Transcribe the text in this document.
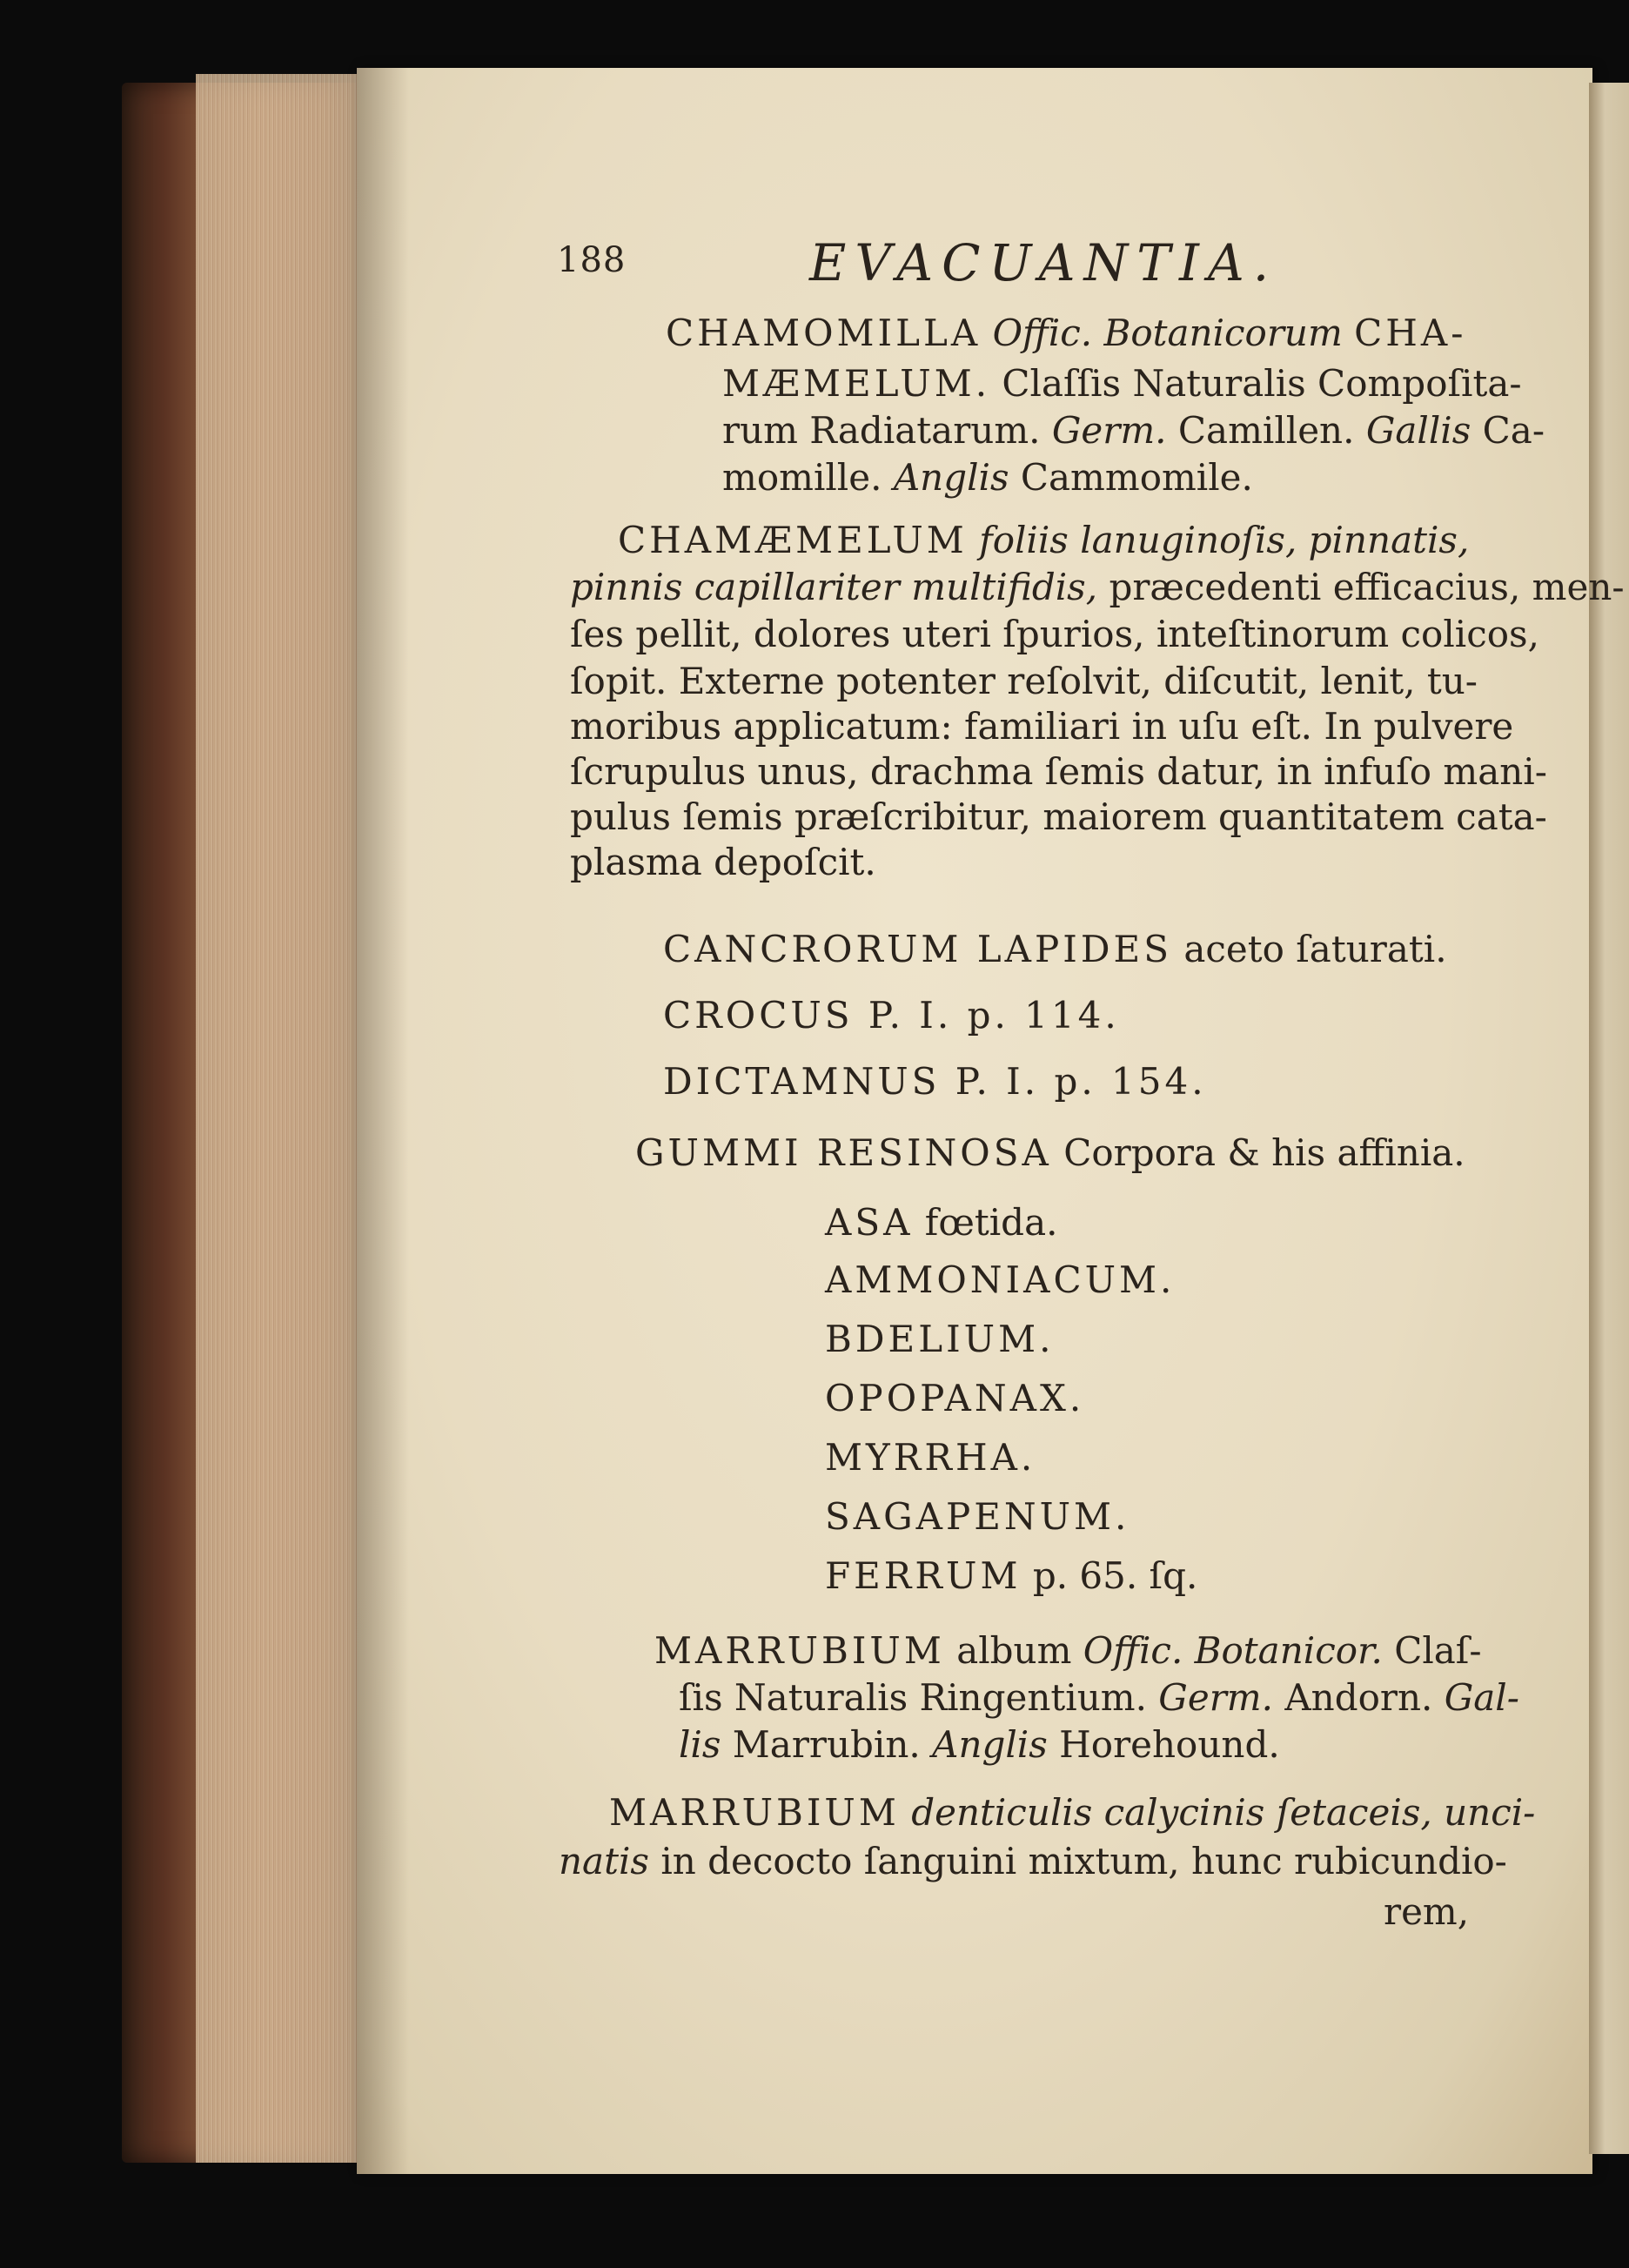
188	EVACUANTIA.
CHAMOMILLA Offic. Botanicorum CHA-
MÆMELUM. Claſſis Naturalis Compoſita-
rum Radiatarum. Germ. Camillen. Gallis Ca-
momille. Anglis Cammomile.
CHAMÆMELUM foliis lanuginoſis, pinnatis,
pinnis capillariter multifidis, præcedenti efficacius, men-
ſes pellit, dolores uteri ſpurios, inteſtinorum colicos,
ſopit. Externe potenter reſolvit, diſcutit, lenit, tu-
moribus applicatum: familiari in uſu eſt. In pulvere
ſcrupulus unus, drachma ſemis datur, in infuſo mani-
pulus ſemis præſcribitur, maiorem quantitatem cata-
plasma depoſcit.
CANCRORUM LAPIDES aceto ſaturati.
CROCUS P. I. p. 114.
DICTAMNUS P. I. p. 154.
GUMMI RESINOSA Corpora & his affinia.
ASA fœtida.
AMMONIACUM.
BDELIUM.
OPOPANAX.
MYRRHA.
SAGAPENUM.
FERRUM p. 65. ſq.
MARRUBIUM album Offic. Botanicor. Claſ-
ſis Naturalis Ringentium. Germ. Andorn. Gal-
lis Marrubin. Anglis Horehound.
MARRUBIUM denticulis calycinis ſetaceis, unci-
natis in decocto ſanguini mixtum, hunc rubicundio-
rem,
